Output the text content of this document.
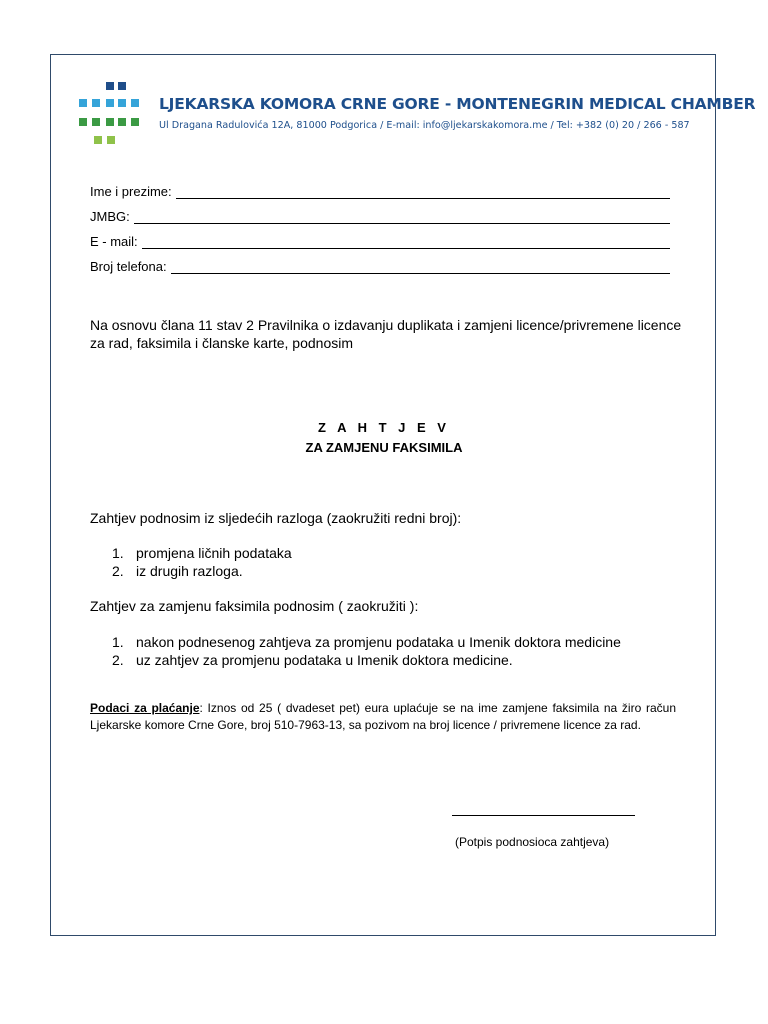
LJEKARSKA KOMORA CRNE GORE - MONTENEGRIN MEDICAL CHAMBER
Ul Dragana Radulovića 12A, 81000 Podgorica / E-mail: info@ljekarskakomora.me / Tel: +382 (0) 20 / 266 - 587
Ime i prezime:
JMBG:
E - mail:
Broj telefona:
Na osnovu člana 11 stav 2 Pravilnika o izdavanju duplikata i zamjeni licence/privremene licence za rad, faksimila i članske karte, podnosim
Z A H T J E V
ZA ZAMJENU FAKSIMILA
Zahtjev podnosim iz sljedećih razloga (zaokružiti redni broj):
1. promjena ličnih podataka
2. iz drugih razloga.
Zahtjev za zamjenu faksimila podnosim ( zaokružiti ):
1. nakon podnesenog zahtjeva za promjenu podataka u Imenik doktora medicine
2. uz zahtjev za promjenu podataka u Imenik doktora medicine.
Podaci za plaćanje: Iznos od 25 ( dvadeset pet) eura uplaćuje se na ime zamjene faksimila na žiro račun Ljekarske komore Crne Gore, broj 510-7963-13, sa pozivom na broj licence / privremene licence za rad.
(Potpis podnosioca zahtjeva)
